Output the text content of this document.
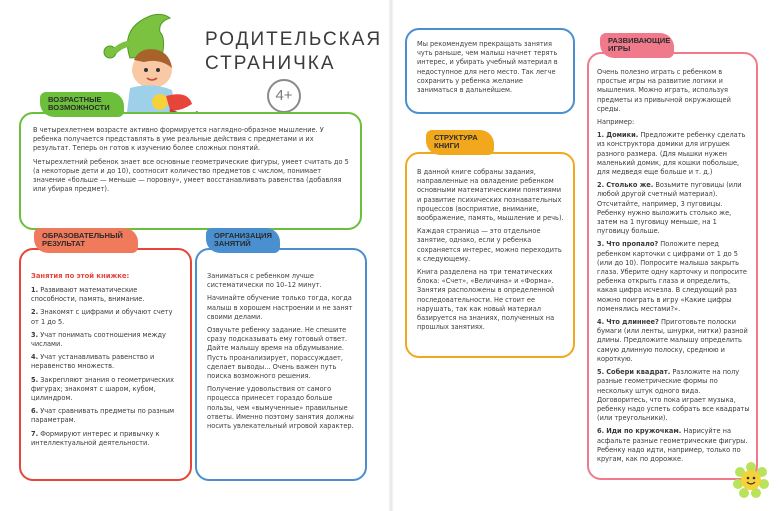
РОДИТЕЛЬСКАЯ
СТРАНИЧКА
4+

В четырехлетнем возрасте активно формируется наглядно-образное мышление. У ребенка получается представлять в уме реальные действия с предметами и их результат. Теперь он готов к изучению более сложных понятий.

Четырехлетний ребенок знает все основные геометрические фигуры, умеет считать до 5 (а некоторые дети и до 10), соотносит количество предметов с числом, понимает значение «больше — меньше — поровну», умеет восстанавливать равенства (добавляя или убирая предмет).

ВОЗРАСТНЫЕ ВОЗМОЖНОСТИ
Занятия по этой книжке:
1. Развивают математические способности, память, внимание.
2. Знакомят с цифрами и обучают счету от 1 до 5.
3. Учат понимать соотношения между числами.
4. Учат устанавливать равенство и неравенство множеств.
5. Закрепляют знания о геометрических фигурах; знакомят с шаром, кубом, цилиндром.
6. Учат сравнивать предметы по разным параметрам.
7. Формируют интерес и привычку к интеллектуальной деятельности.
ОБРАЗОВАТЕЛЬНЫЙ РЕЗУЛЬТАТ

Заниматься с ребенком лучше систематически по 10–12 минут.

Начинайте обучение только тогда, когда малыш в хорошем настроении и не занят своими делами.

Озвучьте ребенку задание. Не спешите сразу подсказывать ему готовый ответ. Дайте малышу время на обдумывание. Пусть проанализирует, порассуждает, сделает выводы... Очень важен путь поиска возможного решения.

Получение удовольствия от самого процесса принесет гораздо больше пользы, чем «вымученные» правильные ответы. Именно поэтому занятия должны носить увлекательный игровой характер.

ОРГАНИЗАЦИЯ ЗАНЯТИЙ

Мы рекомендуем прекращать занятия чуть раньше, чем малыш начнет терять интерес, и убирать учебный материал в недоступное для него место. Так легче сохранить у ребенка желание заниматься в дальнейшем.

В данной книге собраны задания, направленные на овладение ребенком основными математическими понятиями и развитие психических познавательных процессов (восприятие, внимание, воображение, память, мышление и речь).

Каждая страница — это отдельное занятие, однако, если у ребенка сохраняется интерес, можно переходить к следующему.

Книга разделена на три тематических блока: «Счет», «Величина» и «Форма». Занятия расположены в определенной последовательности. Не стоит ее нарушать, так как новый материал базируется на знаниях, полученных на прошлых занятиях.

СТРУКТУРА КНИГИ

Очень полезно играть с ребенком в простые игры на развитие логики и мышления. Можно играть, используя предметы из привычной окружающей среды.

Например:

1. Домики. Предложите ребенку сделать из конструктора домики для игрушек разного размера. (Для мышки нужен маленький домик, для кошки побольше, для медведя еще больше и т. д.)
2. Столько же. Возьмите пуговицы (или любой другой счетный материал). Отсчитайте, например, 3 пуговицы. Ребенку нужно выложить столько же, затем на 1 пуговицу меньше, на 1 пуговицу больше.
3. Что пропало? Положите перед ребенком карточки с цифрами от 1 до 5 (или до 10). Попросите малыша закрыть глаза. Уберите одну карточку и попросите ребенка открыть глаза и определить, какая цифра исчезла. В следующий раз можно поиграть в игру «Какие цифры поменялись местами?».
4. Что длиннее? Приготовьте полоски бумаги (или ленты, шнурки, нитки) разной длины. Предложите малышу определить самую длинную полоску, среднюю и короткую.
5. Собери квадрат. Разложите на полу разные геометрические формы по нескольку штук одного вида. Договоритесь, что пока играет музыка, ребенку надо успеть собрать все квадраты (или треугольники).
6. Иди по кружочкам. Нарисуйте на асфальте разные геометрические фигуры. Ребенку надо идти, например, только по кругам, как по дорожке.
РАЗВИВАЮЩИЕ ИГРЫ
